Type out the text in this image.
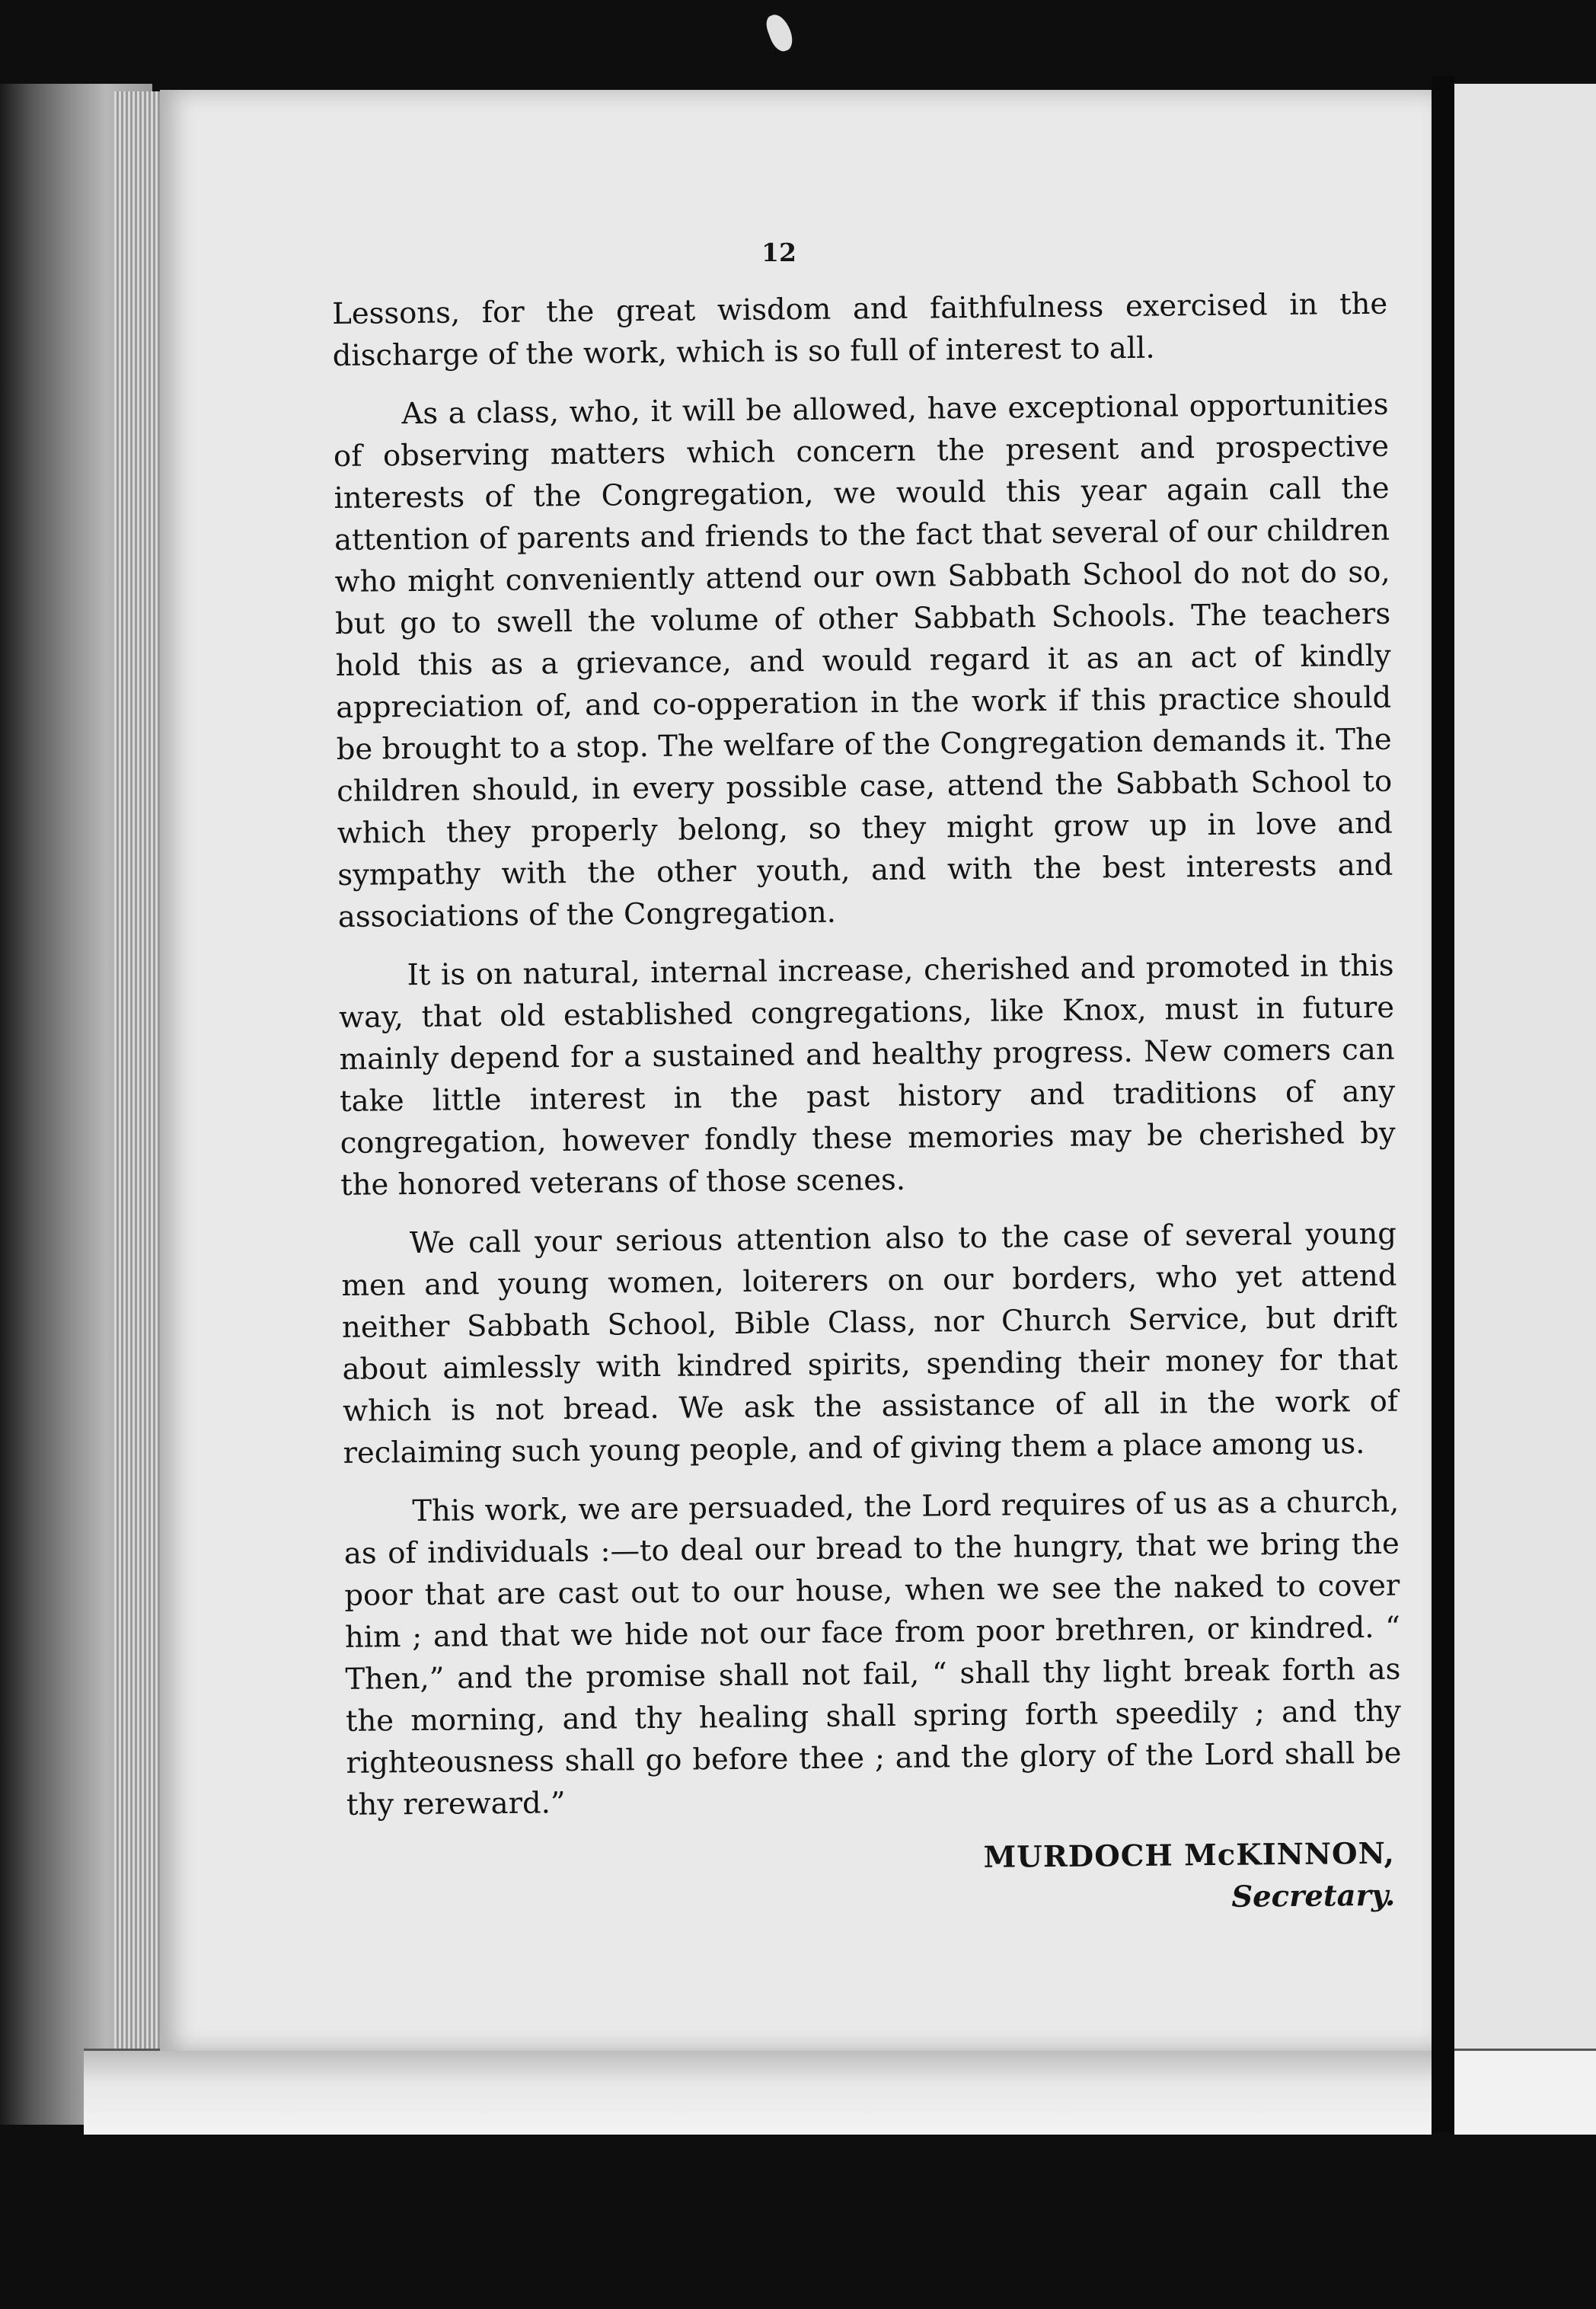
12

Lessons, for the great wisdom and faithfulness exercised in the discharge of the work, which is so full of interest to all.

As a class, who, it will be allowed, have exceptional opportunities of observing matters which concern the present and prospective interests of the Congregation, we would this year again call the attention of parents and friends to the fact that several of our children who might conveniently attend our own Sabbath School do not do so, but go to swell the volume of other Sabbath Schools. The teachers hold this as a grievance, and would regard it as an act of kindly appreciation of, and co-opperation in the work if this practice should be brought to a stop. The welfare of the Congregation demands it. The children should, in every possible case, attend the Sabbath School to which they properly belong, so they might grow up in love and sympathy with the other youth, and with the best interests and associations of the Congregation.

It is on natural, internal increase, cherished and promoted in this way, that old established congregations, like Knox, must in future mainly depend for a sustained and healthy progress. New comers can take little interest in the past history and traditions of any congregation, however fondly these memories may be cherished by the honored veterans of those scenes.

We call your serious attention also to the case of several young men and young women, loiterers on our borders, who yet attend neither Sabbath School, Bible Class, nor Church Service, but drift about aimlessly with kindred spirits, spending their money for that which is not bread. We ask the assistance of all in the work of reclaiming such young people, and of giving them a place among us.

This work, we are persuaded, the Lord requires of us as a church, as of individuals :—to deal our bread to the hungry, that we bring the poor that are cast out to our house, when we see the naked to cover him ; and that we hide not our face from poor brethren, or kindred. “ Then,” and the promise shall not fail, “ shall thy light break forth as the morning, and thy healing shall spring forth speedily ; and thy righteousness shall go before thee ; and the glory of the Lord shall be thy rereward.”

MURDOCH McKINNON,
Secretary.
